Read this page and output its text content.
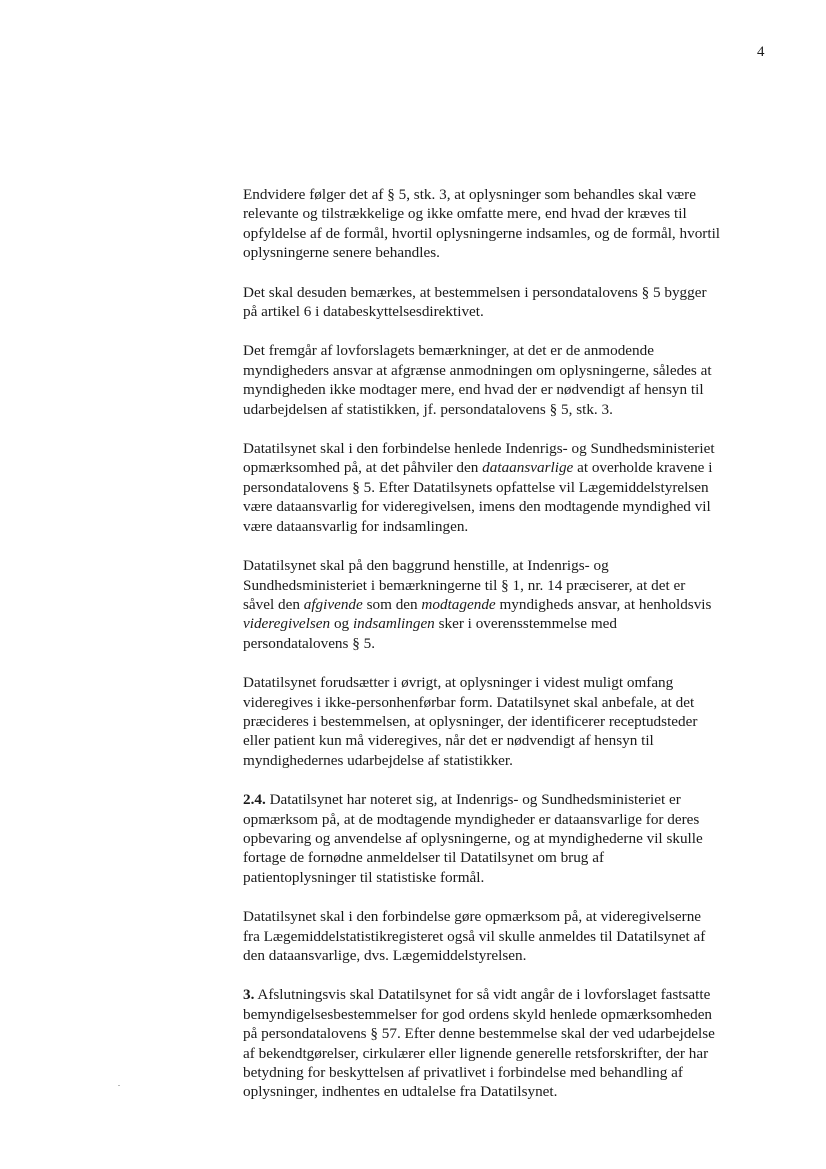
4

Endvidere følger det af § 5, stk. 3, at oplysninger som behandles skal være
relevante og tilstrækkelige og ikke omfatte mere, end hvad der kræves til
opfyldelse af de formål, hvortil oplysningerne indsamles, og de formål, hvortil
oplysningerne senere behandles.

Det skal desuden bemærkes, at bestemmelsen i persondatalovens § 5 bygger
på artikel 6 i databeskyttelsesdirektivet.

Det fremgår af lovforslagets bemærkninger, at det er de anmodende
myndigheders ansvar at afgrænse anmodningen om oplysningerne, således at
myndigheden ikke modtager mere, end hvad der er nødvendigt af hensyn til
udarbejdelsen af statistikken, jf. persondatalovens § 5, stk. 3.

Datatilsynet skal i den forbindelse henlede Indenrigs- og Sundhedsministeriet
opmærksomhed på, at det påhviler den dataansvarlige at overholde kravene i
persondatalovens § 5. Efter Datatilsynets opfattelse vil Lægemiddelstyrelsen
være dataansvarlig for videregivelsen, imens den modtagende myndighed vil
være dataansvarlig for indsamlingen.

Datatilsynet skal på den baggrund henstille, at Indenrigs- og
Sundhedsministeriet i bemærkningerne til § 1, nr. 14 præciserer, at det er
såvel den afgivende som den modtagende myndigheds ansvar, at henholdsvis
videregivelsen og indsamlingen sker i overensstemmelse med
persondatalovens § 5.

Datatilsynet forudsætter i øvrigt, at oplysninger i videst muligt omfang
videregives i ikke-personhenførbar form. Datatilsynet skal anbefale, at det
præcideres i bestemmelsen, at oplysninger, der identificerer receptudsteder
eller patient kun må videregives, når det er nødvendigt af hensyn til
myndighedernes udarbejdelse af statistikker.

2.4. Datatilsynet har noteret sig, at Indenrigs- og Sundhedsministeriet er
opmærksom på, at de modtagende myndigheder er dataansvarlige for deres
opbevaring og anvendelse af oplysningerne, og at myndighederne vil skulle
fortage de fornødne anmeldelser til Datatilsynet om brug af
patientoplysninger til statistiske formål.

Datatilsynet skal i den forbindelse gøre opmærksom på, at videregivelserne
fra Lægemiddelstatistikregisteret også vil skulle anmeldes til Datatilsynet af
den dataansvarlige, dvs. Lægemiddelstyrelsen.

3. Afslutningsvis skal Datatilsynet for så vidt angår de i lovforslaget fastsatte
bemyndigelsesbestemmelser for god ordens skyld henlede opmærksomheden
på persondatalovens § 57. Efter denne bestemmelse skal der ved udarbejdelse
af bekendtgørelser, cirkulærer eller lignende generelle retsforskrifter, der har
betydning for beskyttelsen af privatlivet i forbindelse med behandling af
oplysninger, indhentes en udtalelse fra Datatilsynet.
